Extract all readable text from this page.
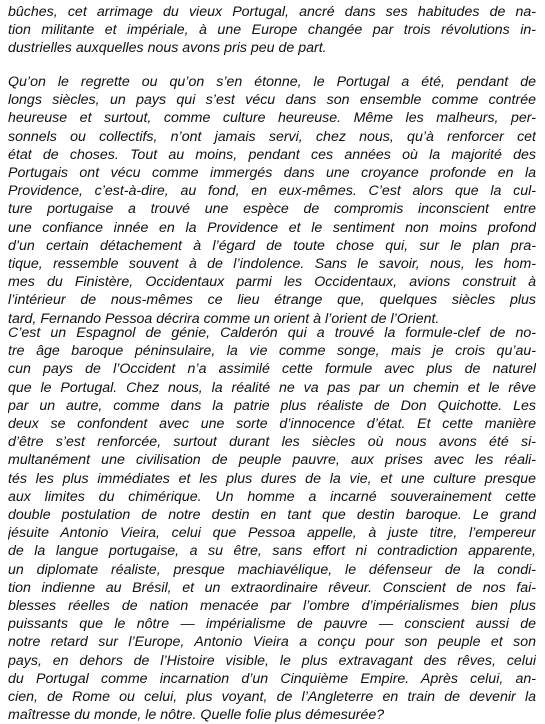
bûches, cet arrimage du vieux Portugal, ancré dans ses habitudes de na-
tion militante et impériale, à une Europe changée par trois révolutions in-
dustrielles auxquelles nous avons pris peu de part.
Qu’on le regrette ou qu’on s’en étonne, le Portugal a été, pendant de
longs siècles, un pays qui s’est vécu dans son ensemble comme contrée
heureuse et surtout, comme culture heureuse. Même les malheurs, per-
sonnels ou collectifs, n’ont jamais servi, chez nous, qu’à renforcer cet
état de choses. Tout au moins, pendant ces années où la majorité des
Portugais ont vécu comme immergés dans une croyance profonde en la
Providence, c’est-à-dire, au fond, en eux-mêmes. C’est alors que la cul-
ture portugaise a trouvé une espèce de compromis inconscient entre
une confiance innée en la Providence et le sentiment non moins profond
d’un certain détachement à l’égard de toute chose qui, sur le plan pra-
tique, ressemble souvent à de l’indolence. Sans le savoir, nous, les hom-
mes du Finistère, Occidentaux parmi les Occidentaux, avions construit à
l’intérieur de nous-mêmes ce lieu étrange que, quelques siècles plus
tard, Fernando Pessoa décrira comme un orient à l’orient de l’Orient.
C’est un Espagnol de génie, Calderón qui a trouvé la formule-clef de no-
tre âge baroque péninsulaire, la vie comme songe, mais je crois qu’au-
cun pays de l’Occident n’a assimilé cette formule avec plus de naturel
que le Portugal. Chez nous, la réalité ne va pas par un chemin et le rêve
par un autre, comme dans la patrie plus réaliste de Don Quichotte. Les
deux se confondent avec une sorte d’innocence d’état. Et cette manière
d’être s’est renforcée, surtout durant les siècles où nous avons été si-
multanément une civilisation de peuple pauvre, aux prises avec les réali-
tés les plus immédiates et les plus dures de la vie, et une culture presque
aux limites du chimérique. Un homme a incarné souverainement cette
double postulation de notre destin en tant que destin baroque. Le grand
jésuite Antonio Vieira, celui que Pessoa appelle, à juste titre, l’empereur
de la langue portugaise, a su être, sans effort ni contradiction apparente,
un diplomate réaliste, presque machiavélique, le défenseur de la condi-
tion indienne au Brésil, et un extraordinaire rêveur. Conscient de nos fai-
blesses réelles de nation menacée par l’ombre d’impérialismes bien plus
puissants que le nôtre — impérialisme de pauvre — conscient aussi de
notre retard sur l’Europe, Antonio Vieira a conçu pour son peuple et son
pays, en dehors de l’Histoire visible, le plus extravagant des rêves, celui
du Portugal comme incarnation d’un Cinquième Empire. Après celui, an-
cien, de Rome ou celui, plus voyant, de l’Angleterre en train de devenir la
maîtresse du monde, le nôtre. Quelle folie plus démesurée?
